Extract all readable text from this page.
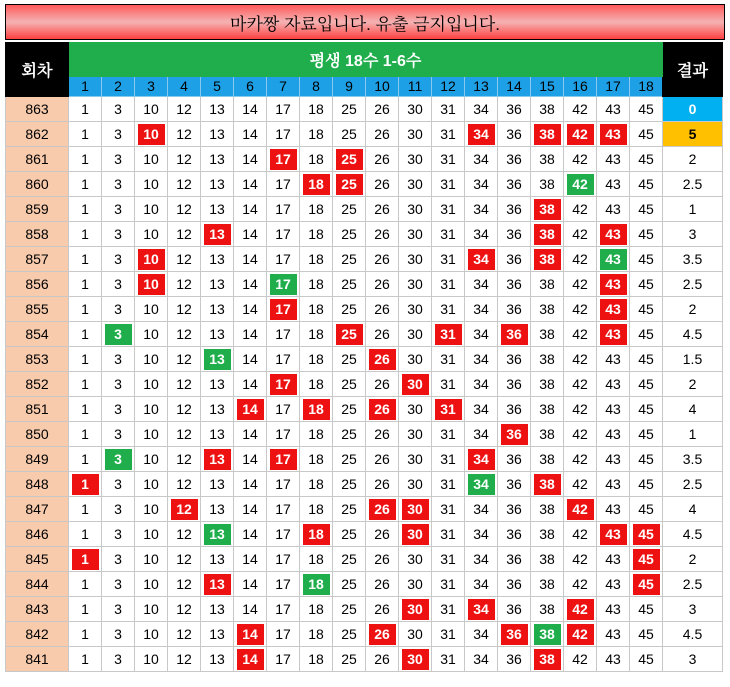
마카짱 자료입니다. 유출 금지입니다.
회차	평생 18수 1-6수																		결과
	1	2	3	4	5	6	7	8	9	10	11	12	13	14	15	16	17	18	
863	1	3	10	12	13	14	17	18	25	26	30	31	34	36	38	42	43	45	0
862	1	3	10	12	13	14	17	18	25	26	30	31	34	36	38	42	43	45	5
861	1	3	10	12	13	14	17	18	25	26	30	31	34	36	38	42	43	45	2
860	1	3	10	12	13	14	17	18	25	26	30	31	34	36	38	42	43	45	2.5
859	1	3	10	12	13	14	17	18	25	26	30	31	34	36	38	42	43	45	1
858	1	3	10	12	13	14	17	18	25	26	30	31	34	36	38	42	43	45	3
857	1	3	10	12	13	14	17	18	25	26	30	31	34	36	38	42	43	45	3.5
856	1	3	10	12	13	14	17	18	25	26	30	31	34	36	38	42	43	45	2.5
855	1	3	10	12	13	14	17	18	25	26	30	31	34	36	38	42	43	45	2
854	1	3	10	12	13	14	17	18	25	26	30	31	34	36	38	42	43	45	4.5
853	1	3	10	12	13	14	17	18	25	26	30	31	34	36	38	42	43	45	1.5
852	1	3	10	12	13	14	17	18	25	26	30	31	34	36	38	42	43	45	2
851	1	3	10	12	13	14	17	18	25	26	30	31	34	36	38	42	43	45	4
850	1	3	10	12	13	14	17	18	25	26	30	31	34	36	38	42	43	45	1
849	1	3	10	12	13	14	17	18	25	26	30	31	34	36	38	42	43	45	3.5
848	1	3	10	12	13	14	17	18	25	26	30	31	34	36	38	42	43	45	2.5
847	1	3	10	12	13	14	17	18	25	26	30	31	34	36	38	42	43	45	4
846	1	3	10	12	13	14	17	18	25	26	30	31	34	36	38	42	43	45	4.5
845	1	3	10	12	13	14	17	18	25	26	30	31	34	36	38	42	43	45	2
844	1	3	10	12	13	14	17	18	25	26	30	31	34	36	38	42	43	45	2.5
843	1	3	10	12	13	14	17	18	25	26	30	31	34	36	38	42	43	45	3
842	1	3	10	12	13	14	17	18	25	26	30	31	34	36	38	42	43	45	4.5
841	1	3	10	12	13	14	17	18	25	26	30	31	34	36	38	42	43	45	3
